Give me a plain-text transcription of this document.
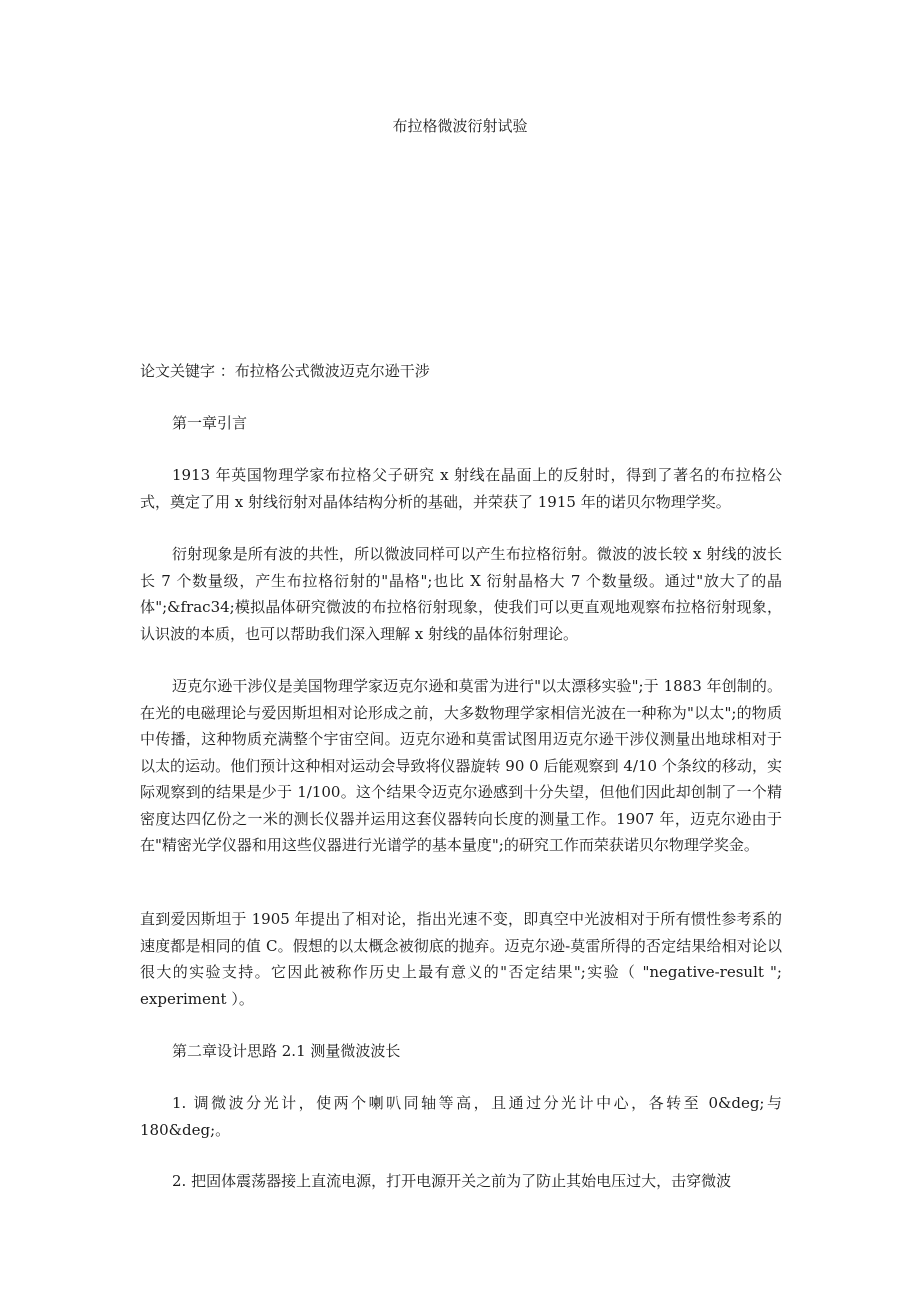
布拉格微波衍射试验

论文关键字 ：布拉格公式微波迈克尔逊干涉

第一章引言

1913 年英国物理学家布拉格父子研究 x 射线在晶面上的反射时，得到了著名的布拉格公式，奠定了用 x 射线衍射对晶体结构分析的基础，并荣获了 1915 年的诺贝尔物理学奖。

衍射现象是所有波的共性，所以微波同样可以产生布拉格衍射。微波的波长较 x 射线的波长长 7 个数量级，产生布拉格衍射的"晶格";也比 X 衍射晶格大 7 个数量级。通过"放大了的晶体";&frac34;模拟晶体研究微波的布拉格衍射现象，使我们可以更直观地观察布拉格衍射现象，认识波的本质，也可以帮助我们深入理解 x 射线的晶体衍射理论。

迈克尔逊干涉仪是美国物理学家迈克尔逊和莫雷为进行"以太漂移实验";于 1883 年创制的。在光的电磁理论与爱因斯坦相对论形成之前，大多数物理学家相信光波在一种称为"以太";的物质中传播，这种物质充满整个宇宙空间。迈克尔逊和莫雷试图用迈克尔逊干涉仪测量出地球相对于以太的运动。他们预计这种相对运动会导致将仪器旋转 90 0 后能观察到 4/10 个条纹的移动，实际观察到的结果是少于 1/100。这个结果令迈克尔逊感到十分失望，但他们因此却创制了一个精密度达四亿份之一米的测长仪器并运用这套仪器转向长度的测量工作。1907 年，迈克尔逊由于在"精密光学仪器和用这些仪器进行光谱学的基本量度";的研究工作而荣获诺贝尔物理学奖金。

直到爱因斯坦于 1905 年提出了相对论，指出光速不变，即真空中光波相对于所有惯性参考系的速度都是相同的值 C。假想的以太概念被彻底的抛弃。迈克尔逊-莫雷所得的否定结果给相对论以很大的实验支持。它因此被称作历史上最有意义的"否定结果";实验（ "negative-result "; experiment ）。

第二章设计思路 2.1 测量微波波长

1. 调微波分光计，使两个喇叭同轴等高，且通过分光计中心，各转至 0&deg;与 180&deg;。

2. 把固体震荡器接上直流电源，打开电源开关之前为了防止其始电压过大，击穿微波
